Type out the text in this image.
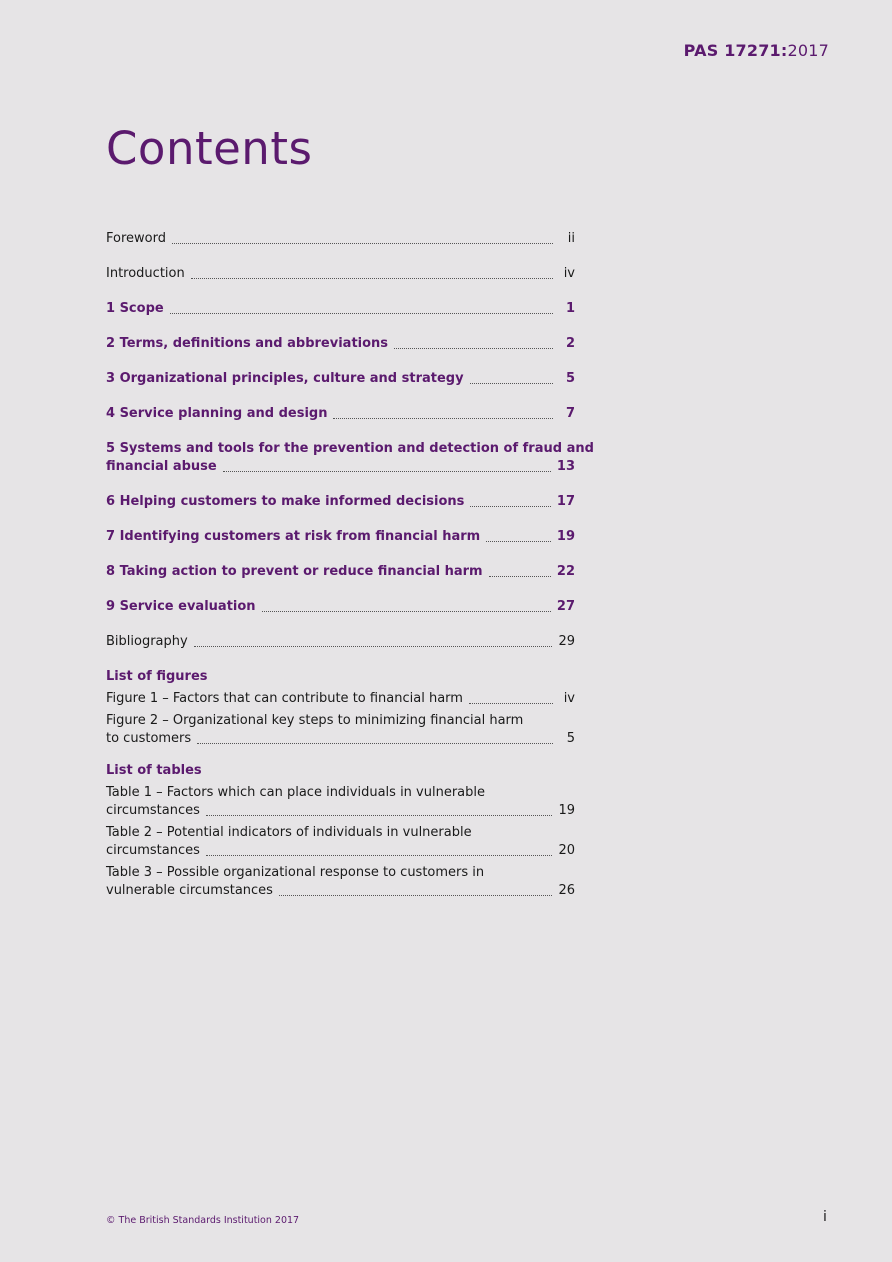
PAS 17271:2017
Contents
Foreword	ii
Introduction	iv
1 Scope	1
2 Terms, definitions and abbreviations	2
3 Organizational principles, culture and strategy	5
4 Service planning and design	7
5 Systems and tools for the prevention and detection of fraud and
financial abuse	13
6 Helping customers to make informed decisions	17
7 Identifying customers at risk from financial harm	19
8 Taking action to prevent or reduce financial harm	22
9 Service evaluation	27
Bibliography	29
List of figures
Figure 1 – Factors that can contribute to financial harm	iv
Figure 2 – Organizational key steps to minimizing financial harm
to customers	5
List of tables
Table 1 – Factors which can place individuals in vulnerable
circumstances	19
Table 2 – Potential indicators of individuals in vulnerable
circumstances	20
Table 3 – Possible organizational response to customers in
vulnerable circumstances	26
© The British Standards Institution 2017	i
